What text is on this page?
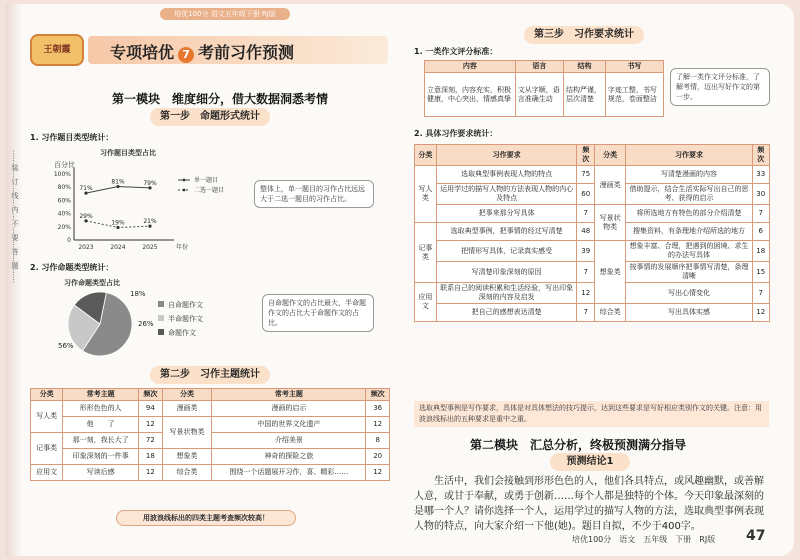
……装…订…线…内…不…要…答…题……
培优100分 语文五年级下册 RJ版
王朝霞	专项培优 7 考前习作预测
第一模块　维度细分，借大数据洞悉考情
第一步　命题形式统计
1. 习作题目类型统计：
习作题目类型占比
百分比
0
20%
40%
60%
80%
100%
2023	2024	2025	年份
71%
81%	79%	单一题目
29%
19%	21%
二选一题目	整体上，单一题目的习作占比远远大于二选一题目的习作占比。
2. 习作命题类型统计：
习作命题类型占比
56%
自命题作文
26%
半命题作文
18%
命题作文
自命题作文的占比最大，半命题作文的占比大于命题作文的占比。
第二步　习作主题统计
分类	常考主题	频次	分类	常考主题	频次
写人类	形形色色的人	94	漫画类	漫画的启示	36
	他　　了	12	写景状物类	中国的世界文化遗产	12
记事类	那一刻，我长大了	72		介绍美景	8
	印象深刻的一件事	18	想象类	神奇的探险之旅	20
应用文	写读后感	12	综合类	围绕一个话题展开习作，喜、精彩……	12
用波浪线标出的四类主题考查频次较高！
第三步　习作要求统计
1. 一类作文评分标准：
内容	语言	结构	书写
立意深刻，内容充实，积极健康，中心突出，情感真挚	文从字顺，语言准确生动	结构严谨，层次清楚	字迹工整，书写规范，卷面整洁
了解一类作文评分标准，了解考情，迈出写好作文的第一步。
2. 具体习作要求统计：
分类	习作要求	频次	分类	习作要求	频次
写人类	选取典型事例表现人物的特点	75	漫画类	写清楚漫画的内容	33
	运用学过的描写人物的方法表现人物的内心及特点	60		借助提示，结合生活实际写出自己的思考、获得的启示	30
	把事来那分写具体	7	写景状物类	将所选地方有特色的部分介绍清楚	7
记事类	选取典型事例，把事情的经过写清楚	48		搜集资料，有条理地介绍所选的地方	6
	把情形写具体，记录真实感受	39	想象类	想象丰富、合理，把遇到的困境、求生的办法写具体	18
	写清楚印象深刻的原因	7		按事情的发展顺序把事情写清楚，条理清晰	15
应用文	联系自己的阅读积累和生活经验，写出印象深刻的内容及启发	12		写出心情变化	7
	把自己的感想表达清楚	7	综合类	写出具体实感	12
选取典型事例是写作要求，具体是对具体想法的技巧提示，达到这些要求是写好相应类别作文的关键。注意：用波浪线标出的五种要求是重中之重。
第二模块　汇总分析，终极预测满分指导
预测结论1
生活中，我们会接触到形形色色的人，他们各具特点，或风趣幽默，或善解人意，或甘于奉献，或勇于创新……每个人都是独特的个体。今天印象最深刻的是哪一个人？请你选择一个人，运用学过的描写人物的方法，选取典型事例表现人物的特点，向大家介绍一下他(她)。题目自拟，不少于400字。
培优100分　语文　五年级　下册　RJ版 47
